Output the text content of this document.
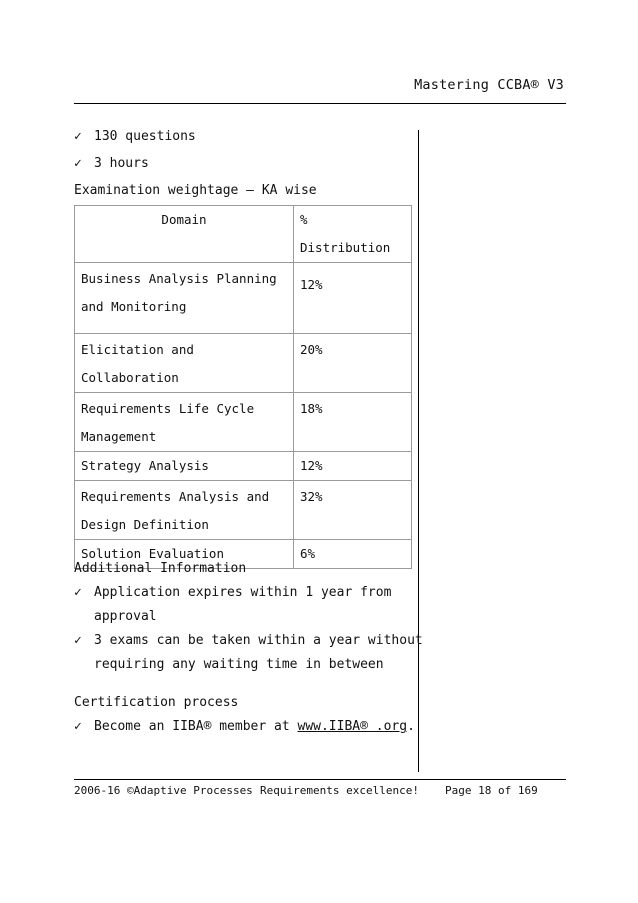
Mastering CCBA® V3
✓ 130 questions
✓ 3 hours
Examination weightage – KA wise
Domain	% Distribution
Business Analysis Planning
and Monitoring	12%
Elicitation and
Collaboration	20%
Requirements Life Cycle
Management	18%
Strategy Analysis	12%
Requirements Analysis and
Design Definition	32%
Solution Evaluation	6%
Additional Information
✓ Application expires within 1 year from
approval
✓ 3 exams can be taken within a year without
requiring any waiting time in between
Certification process
✓ Become an IIBA® member at www.IIBA® .org.
2006-16 ©Adaptive Processes Requirements excellence! Page 18 of 169
